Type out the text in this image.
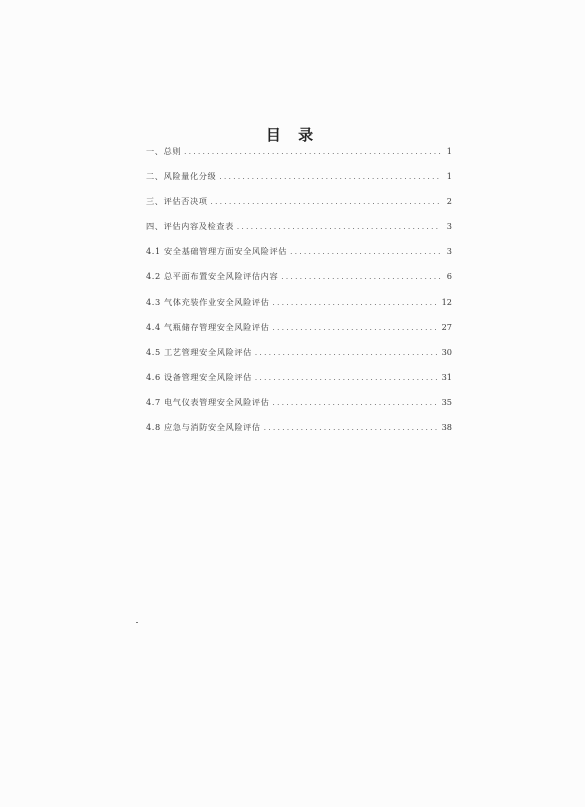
目 录
一、总则 .....	1
二、风险量化分级 .....	1
三、评估否决项 .....	2
四、评估内容及检查表 .....	3
4.1 安全基础管理方面安全风险评估 .....	3
4.2 总平面布置安全风险评估内容 .....	6
4.3 气体充装作业安全风险评估 .....	12
4.4 气瓶储存管理安全风险评估 .....	27
4.5 工艺管理安全风险评估 .....	30
4.6 设备管理安全风险评估 .....	31
4.7 电气仪表管理安全风险评估 .....	35
4.8 应急与消防安全风险评估 .....	38
